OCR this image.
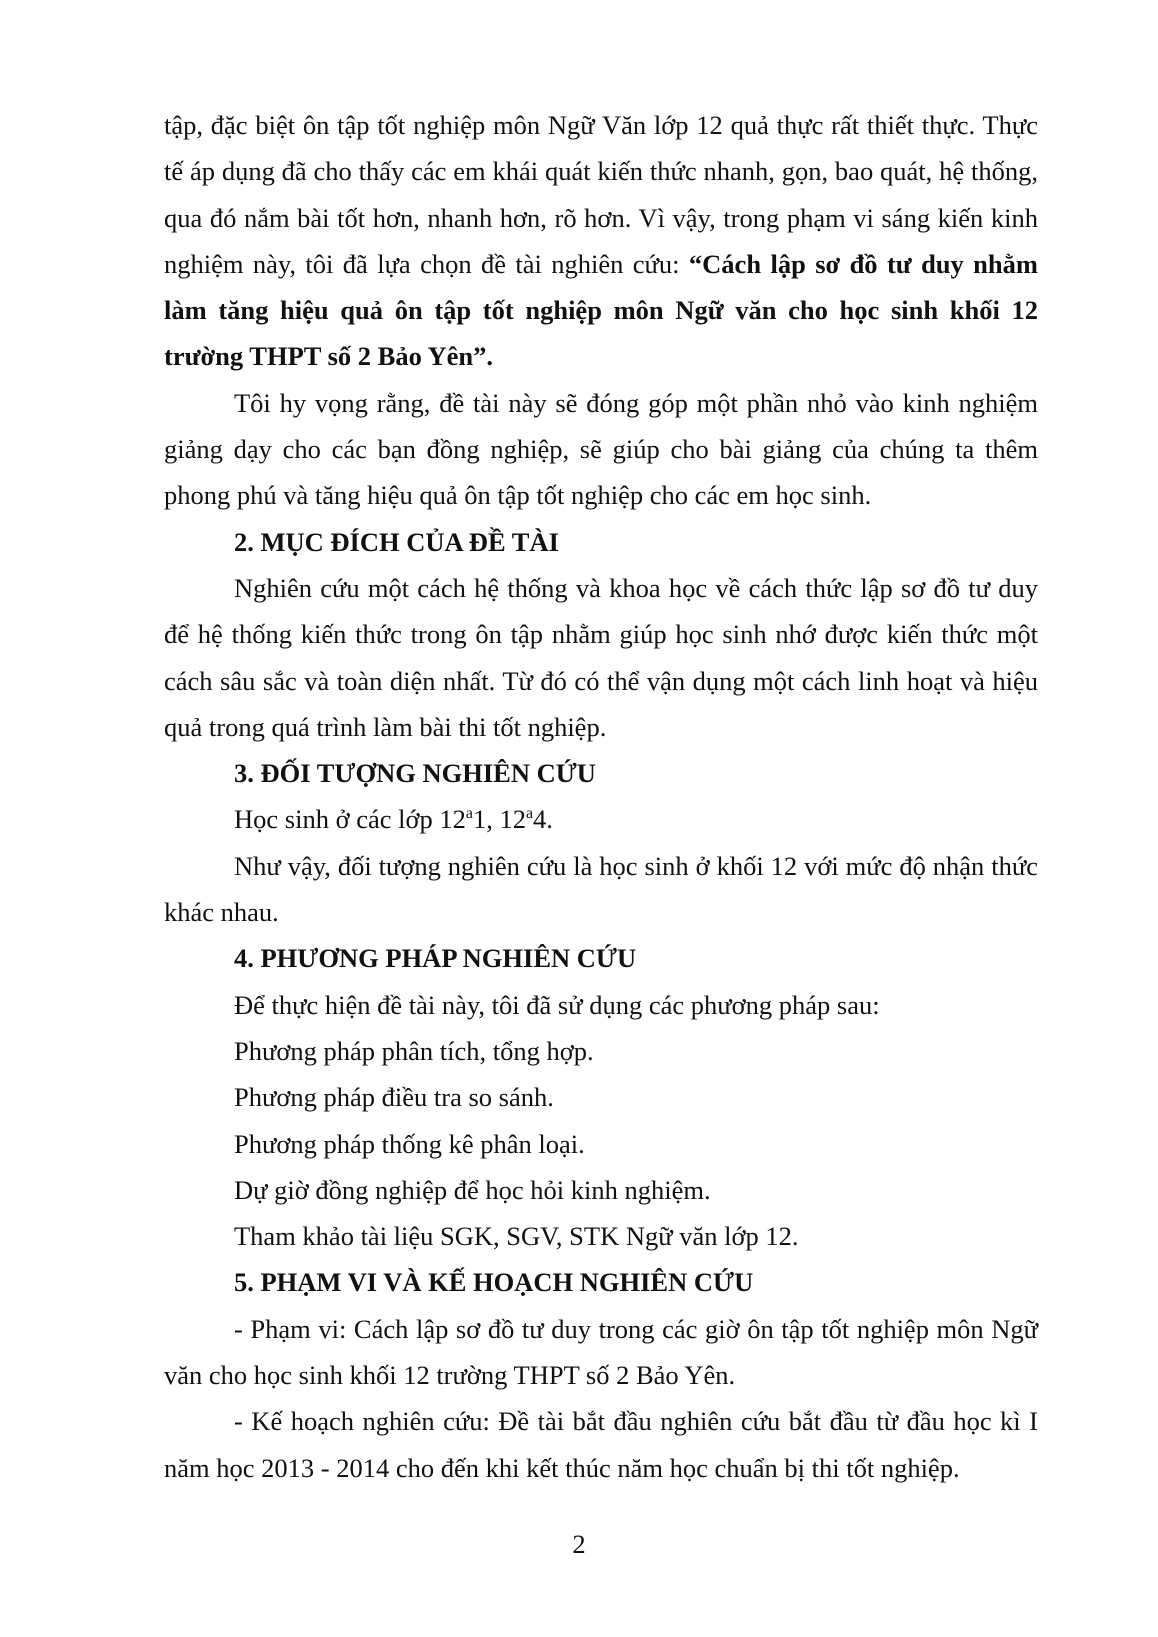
tập, đặc biệt ôn tập tốt nghiệp môn Ngữ Văn lớp 12 quả thực rất thiết thực. Thực tế áp dụng đã cho thấy các em khái quát kiến thức nhanh, gọn, bao quát, hệ thống, qua đó nắm bài tốt hơn, nhanh hơn, rõ hơn. Vì vậy, trong phạm vi sáng kiến kinh nghiệm này, tôi đã lựa chọn đề tài nghiên cứu: “Cách lập sơ đồ tư duy nhằm làm tăng hiệu quả ôn tập tốt nghiệp môn Ngữ văn cho học sinh khối 12 trường THPT số 2 Bảo Yên”.

Tôi hy vọng rằng, đề tài này sẽ đóng góp một phần nhỏ vào kinh nghiệm giảng dạy cho các bạn đồng nghiệp, sẽ giúp cho bài giảng của chúng ta thêm phong phú và tăng hiệu quả ôn tập tốt nghiệp cho các em học sinh.

2. MỤC ĐÍCH CỦA ĐỀ TÀI

Nghiên cứu một cách hệ thống và khoa học về cách thức lập sơ đồ tư duy để hệ thống kiến thức trong ôn tập nhằm giúp học sinh nhớ được kiến thức một cách sâu sắc và toàn diện nhất. Từ đó có thể vận dụng một cách linh hoạt và hiệu quả trong quá trình làm bài thi tốt nghiệp.

3. ĐỐI TƯỢNG NGHIÊN CỨU
Học sinh ở các lớp 12$^a$1, 12$^a$4.

Như vậy, đối tượng nghiên cứu là học sinh ở khối 12 với mức độ nhận thức khác nhau.

4. PHƯƠNG PHÁP NGHIÊN CỨU
Để thực hiện đề tài này, tôi đã sử dụng các phương pháp sau:
Phương pháp phân tích, tổng hợp.
Phương pháp điều tra so sánh.
Phương pháp thống kê phân loại.
Dự giờ đồng nghiệp để học hỏi kinh nghiệm.
Tham khảo tài liệu SGK, SGV, STK Ngữ văn lớp 12.
5. PHẠM VI VÀ KẾ HOẠCH NGHIÊN CỨU

- Phạm vi: Cách lập sơ đồ tư duy trong các giờ ôn tập tốt nghiệp môn Ngữ văn cho học sinh khối 12 trường THPT số 2 Bảo Yên.

- Kế hoạch nghiên cứu: Đề tài bắt đầu nghiên cứu bắt đầu từ đầu học kì I năm học 2013 - 2014 cho đến khi kết thúc năm học chuẩn bị thi tốt nghiệp.

2
